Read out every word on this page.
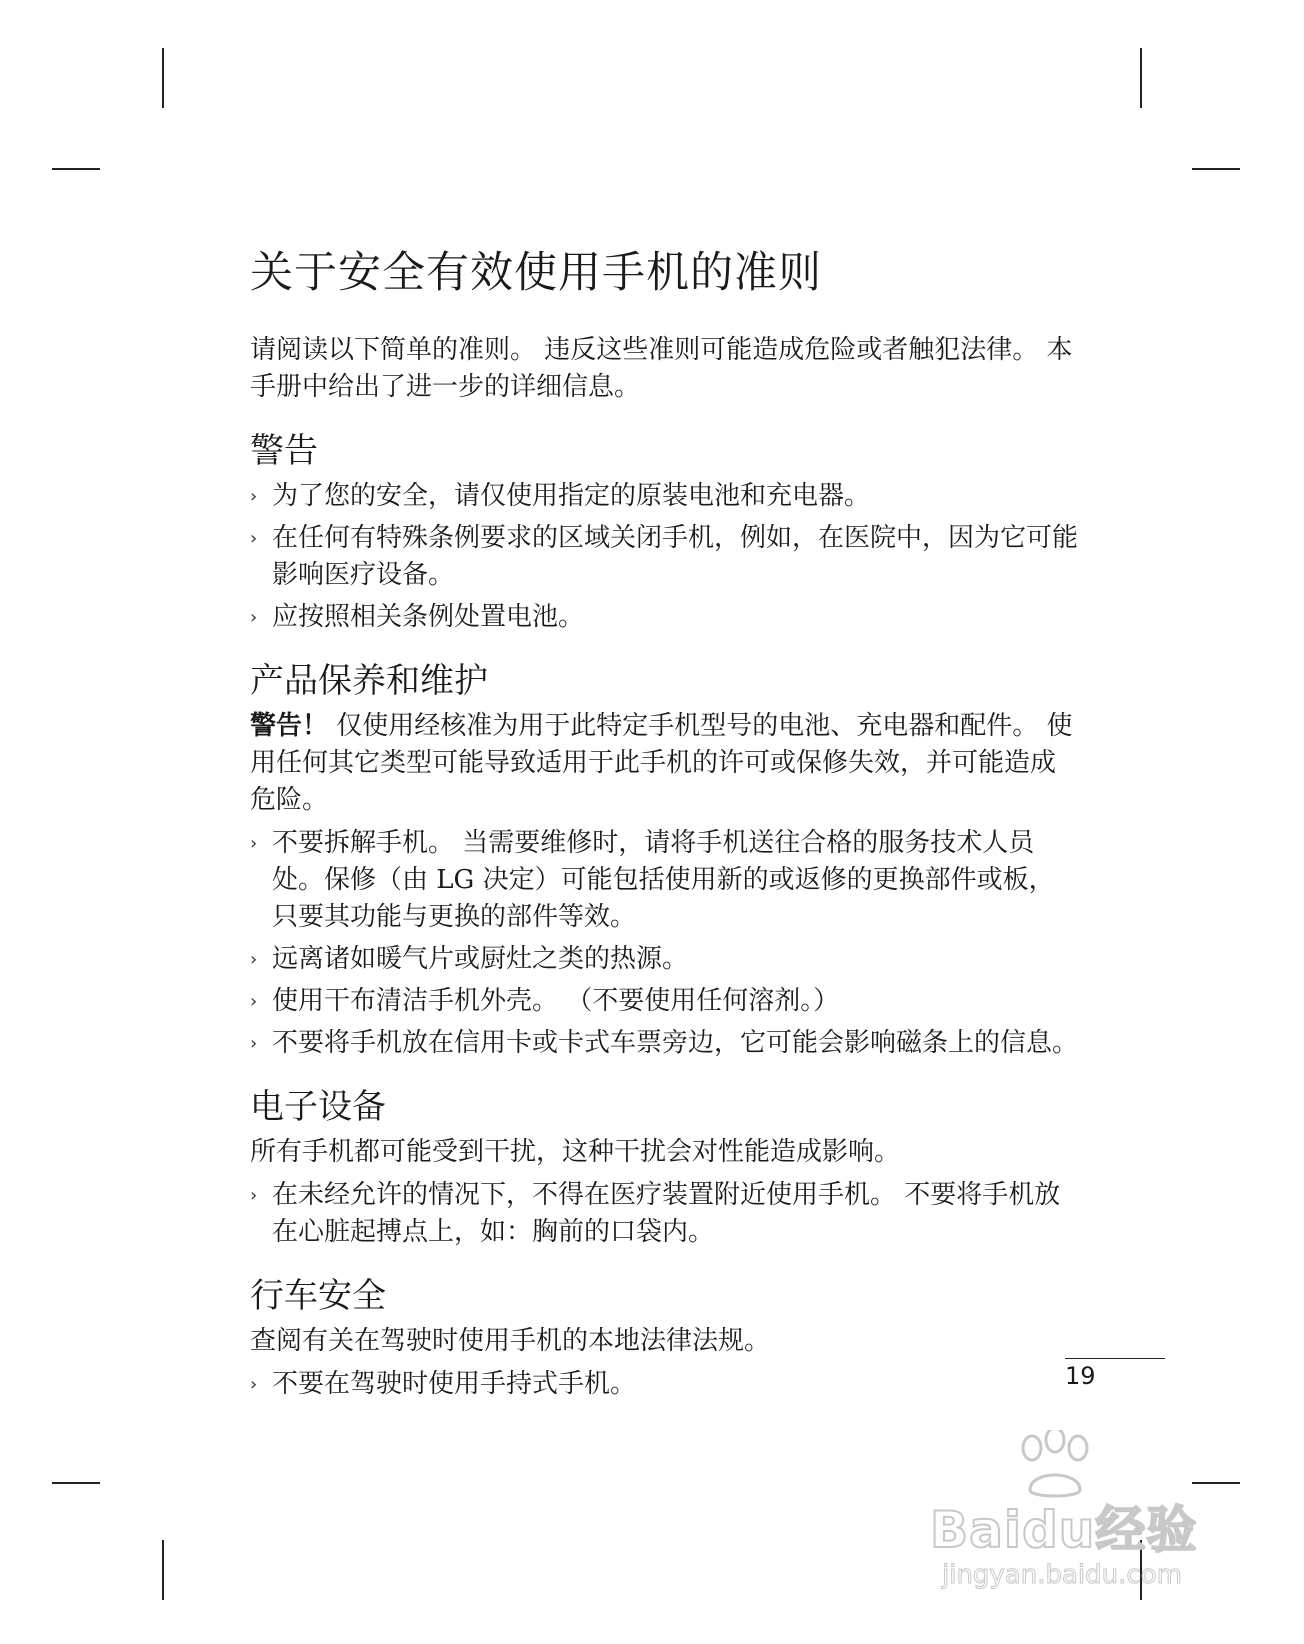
关于安全有效使用手机的准则

请阅读以下简单的准则。 违反这些准则可能造成危险或者触犯法律。 本手册中给出了进一步的详细信息。

警告
› 为了您的安全，请仅使用指定的原装电池和充电器。
› 在任何有特殊条例要求的区域关闭手机，例如，在医院中，因为它可能影响医疗设备。
› 应按照相关条例处置电池。
产品保养和维护

警告！ 仅使用经核准为用于此特定手机型号的电池、充电器和配件。 使用任何其它类型可能导致适用于此手机的许可或保修失效，并可能造成危险。

› 不要拆解手机。 当需要维修时，请将手机送往合格的服务技术人员处。保修（由 LG 决定）可能包括使用新的或返修的更换部件或板，只要其功能与更换的部件等效。
› 远离诸如暖气片或厨灶之类的热源。
› 使用干布清洁手机外壳。 （不要使用任何溶剂。）
› 不要将手机放在信用卡或卡式车票旁边，它可能会影响磁条上的信息。
电子设备

所有手机都可能受到干扰，这种干扰会对性能造成影响。

› 在未经允许的情况下，不得在医疗装置附近使用手机。 不要将手机放在心脏起搏点上，如：胸前的口袋内。
行车安全

查阅有关在驾驶时使用手机的本地法律法规。

› 不要在驾驶时使用手持式手机。	19
Baidu经验
jingyan.baidu.com
